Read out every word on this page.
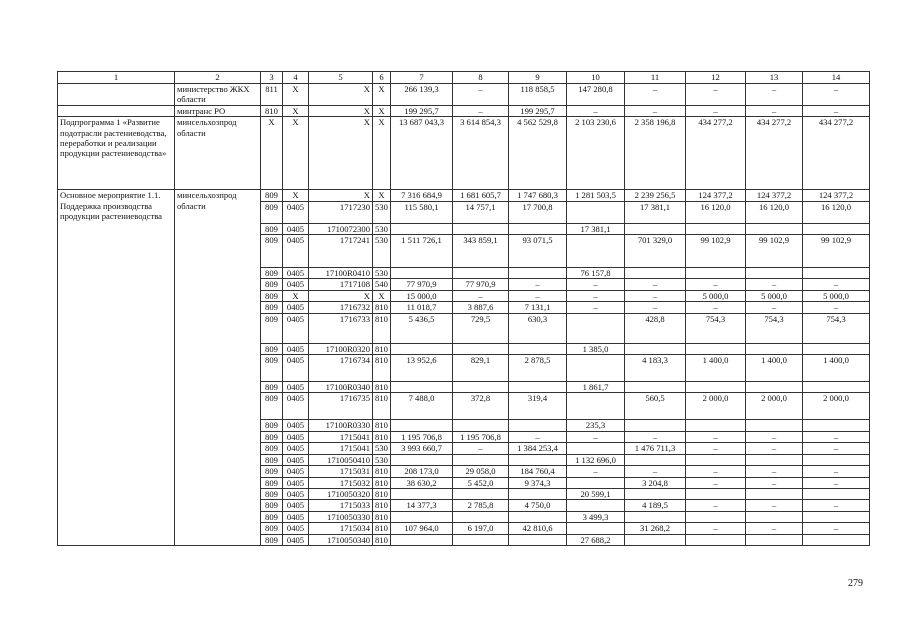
1	2	3	4	5	6	7	8	9	10	11	12	13	14
	министерство ЖКХ области	811	Х	Х	Х	266 139,3	–	118 858,5	147 280,8	–	–	–	–
	минтранс РО	810	Х	Х	Х	199 295,7	–	199 295,7	–	–	–	–	–
Подпрограмма 1 «Развитие подотрасли растениеводства, переработки и реализации продукции растениеводства»	минсельхозпрод области	Х	Х	Х	Х	13 687 043,3	3 614 854,3	4 562 529,8	2 103 230,6	2 358 196,8	434 277,2	434 277,2	434 277,2
Основное мероприятие 1.1. Поддержка производства продукции растениеводства	минсельхозпрод области	809	Х	Х	Х	7 316 684,9	1 681 605,7	1 747 680,3	1 281 503,5	2 239 256,5	124 377,2	124 377,2	124 377,2
		809	0405	1717230	530	115 580,1	14 757,1	17 700,8		17 381,1	16 120,0	16 120,0	16 120,0
		809	0405	1710072300	530				17 381,1				
		809	0405	1717241	530	1 511 726,1	343 859,1	93 071,5		701 329,0	99 102,9	99 102,9	99 102,9
		809	0405	17100R0410	530				76 157,8				
		809	0405	1717108	540	77 970,9	77 970,9	–	–	–	–	–	–
		809	Х	Х	Х	15 000,0	–	–	–	–	5 000,0	5 000,0	5 000,0
		809	0405	1716732	810	11 018,7	3 887,6	7 131,1	–	–	–	–	–
		809	0405	1716733	810	5 436,5	729,5	630,3		428,8	754,3	754,3	754,3
		809	0405	17100R0320	810				1 385,0				
		809	0405	1716734	810	13 952,6	829,1	2 878,5		4 183,3	1 400,0	1 400,0	1 400,0
		809	0405	17100R0340	810				1 861,7				
		809	0405	1716735	810	7 488,0	372,8	319,4		560,5	2 000,0	2 000,0	2 000,0
		809	0405	17100R0330	810				235,3				
		809	0405	1715041	810	1 195 706,8	1 195 706,8	–	–	–	–	–	–
		809	0405	1715041	530	3 993 660,7	–	1 384 253,4		1 476 711,3	–	–	–
		809	0405	1710050410	530				1 132 696,0				
		809	0405	1715031	810	208 173,0	29 058,0	184 760,4	–	–	–	–	–
		809	0405	1715032	810	38 630,2	5 452,0	9 374,3		3 204,8	–	–	–
		809	0405	1710050320	810				20 599,1				
		809	0405	1715033	810	14 377,3	2 785,8	4 750,0		4 189,5	–	–	–
		809	0405	1710050330	810				3 499,3				
		809	0405	1715034	810	107 964,0	6 197,0	42 810,6		31 268,2	–	–	–
		809	0405	1710050340	810				27 688,2				
279
